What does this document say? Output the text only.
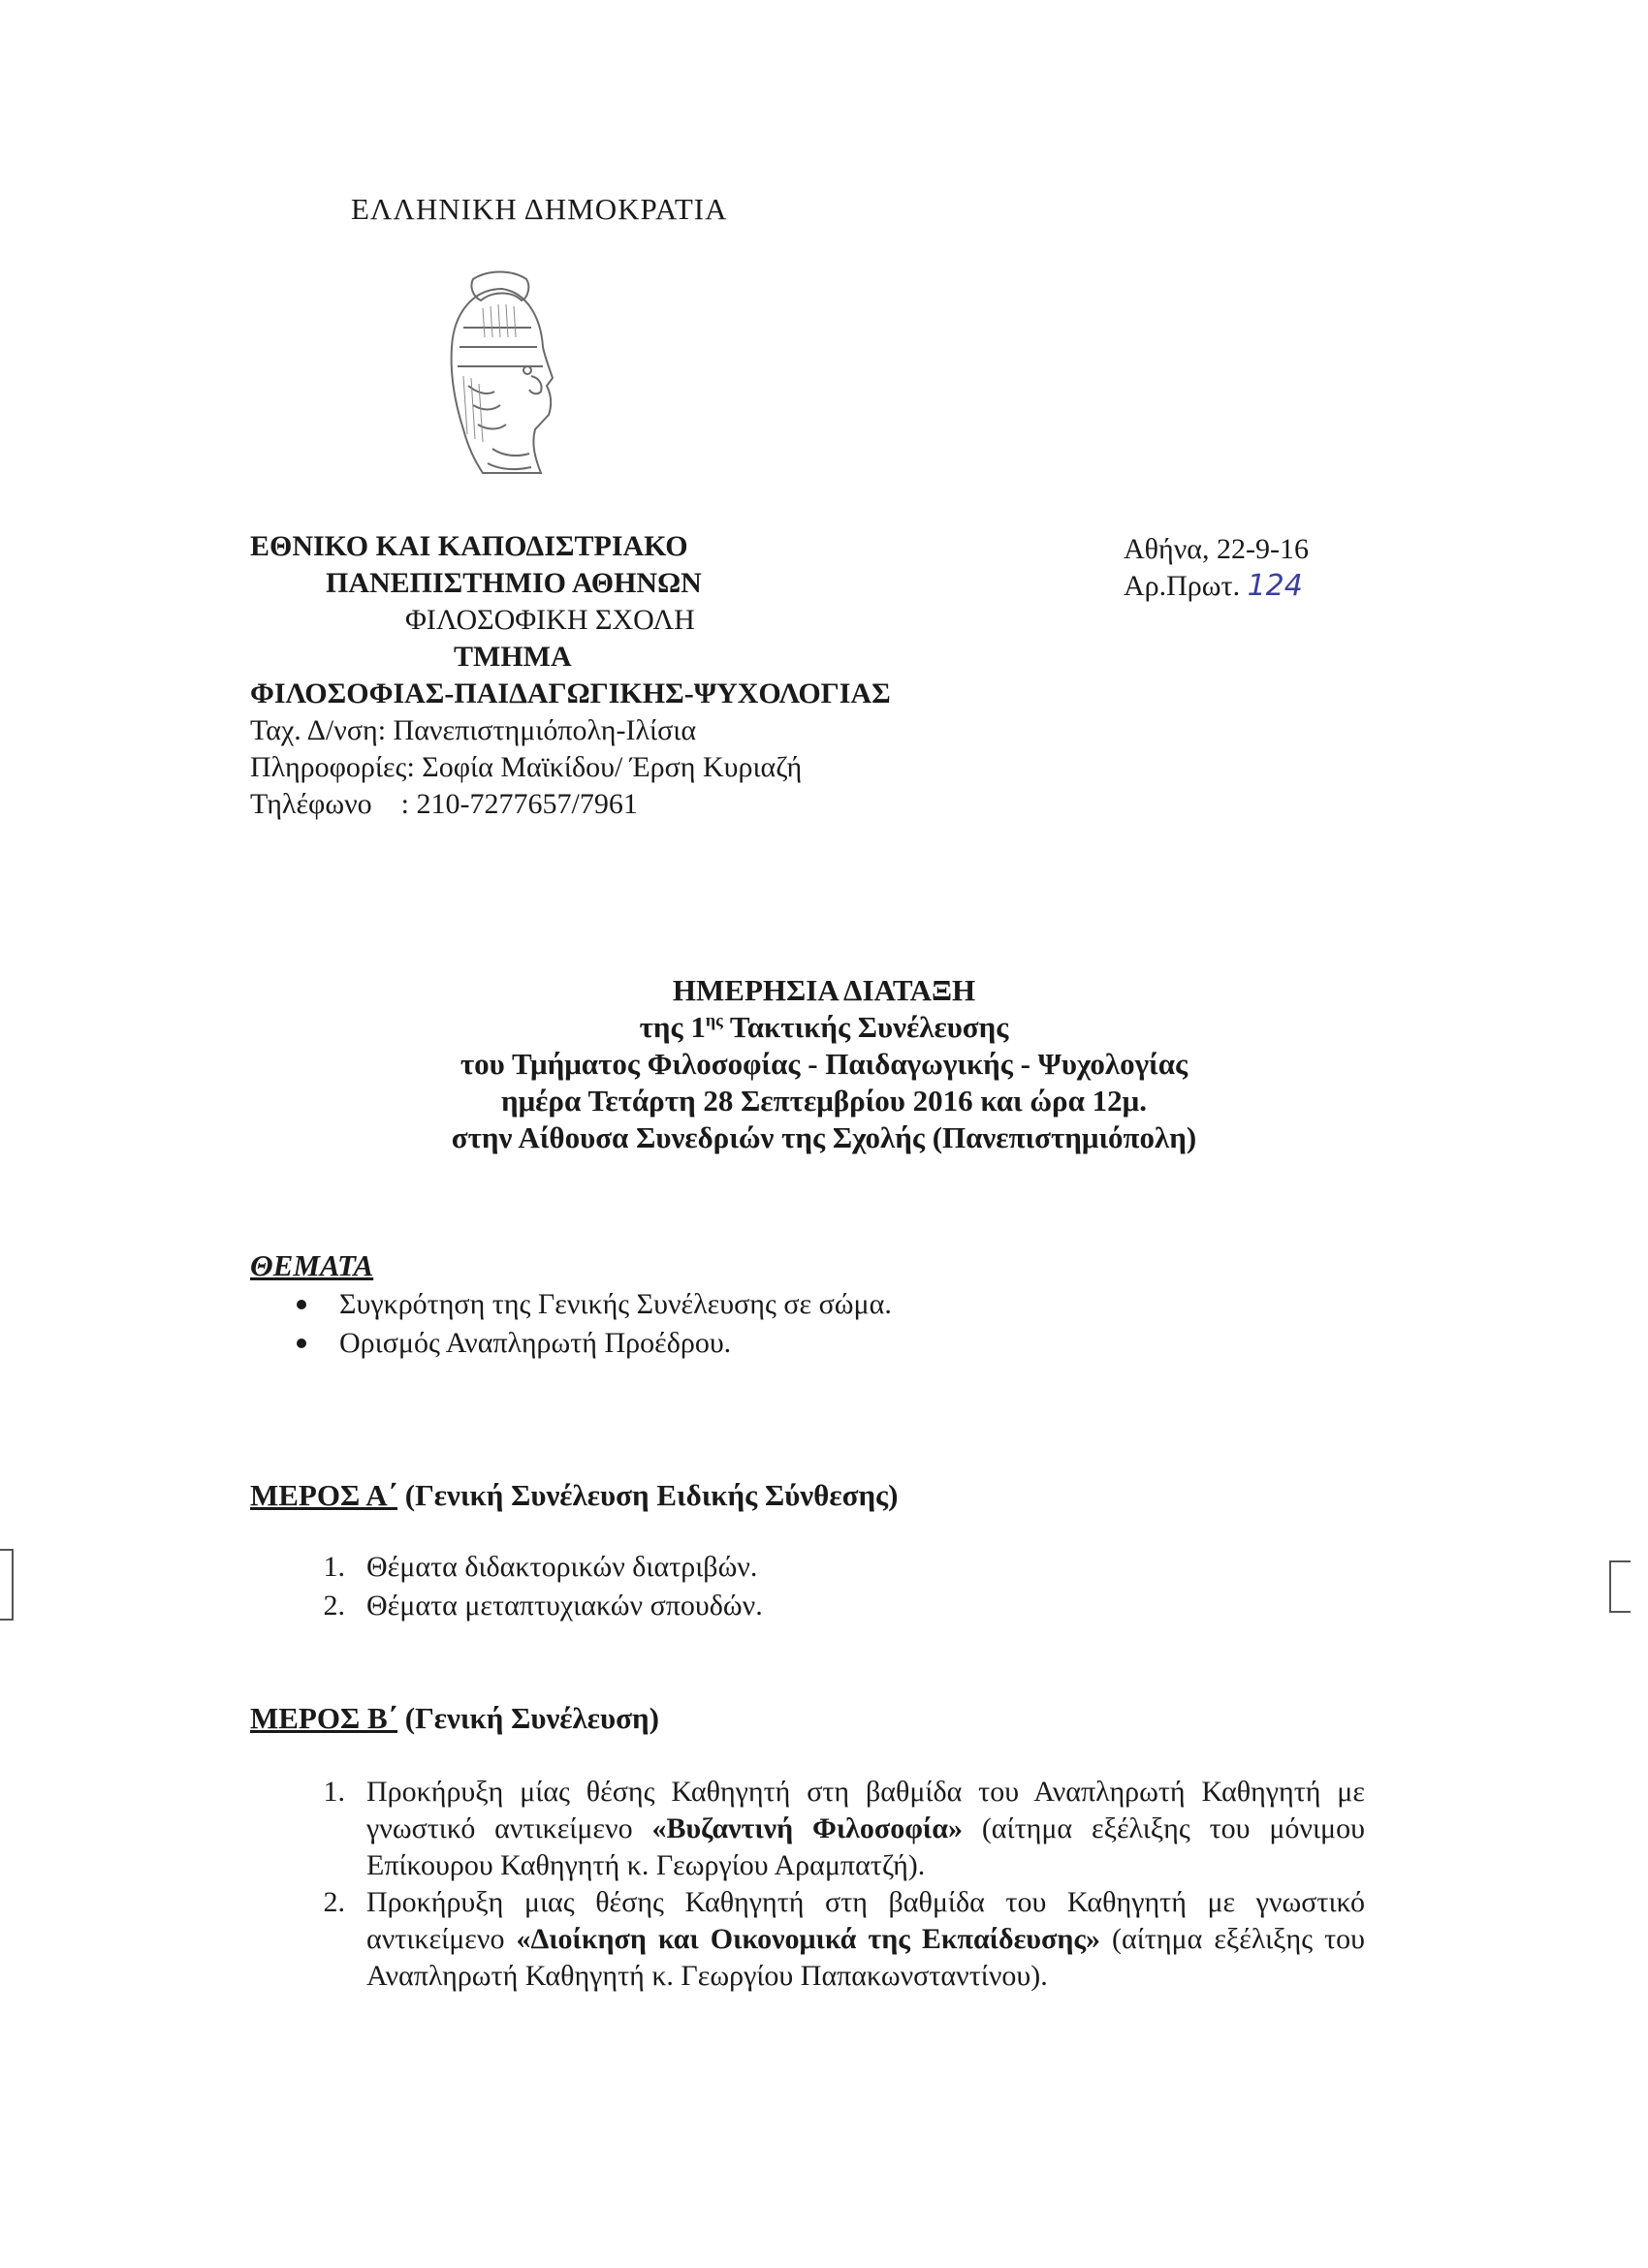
ΕΛΛΗΝΙΚΗ ΔΗΜΟΚΡΑΤΙΑ
ΕΘΝΙΚΟ ΚΑΙ ΚΑΠΟΔΙΣΤΡΙΑΚΟ
ΠΑΝΕΠΙΣΤΗΜΙΟ ΑΘΗΝΩΝ
ΦΙΛΟΣΟΦΙΚΗ ΣΧΟΛΗ
ΤΜΗΜΑ
ΦΙΛΟΣΟΦΙΑΣ-ΠΑΙΔΑΓΩΓΙΚΗΣ-ΨΥΧΟΛΟΓΙΑΣ
Ταχ. Δ/νση: Πανεπιστημιόπολη-Ιλίσια
Πληροφορίες: Σοφία Μαϊκίδου/ Έρση Κυριαζή
Τηλέφωνο    : 210-7277657/7961
Αθήνα, 22-9-16
Αρ.Πρωτ. 124
ΗΜΕΡΗΣΙΑ ΔΙΑΤΑΞΗ
της $1^{\eta\varsigma}$ Τακτικής Συνέλευσης
του Τμήματος Φιλοσοφίας - Παιδαγωγικής - Ψυχολογίας
ημέρα Τετάρτη 28 Σεπτεμβρίου 2016 και ώρα 12μ.
στην Αίθουσα Συνεδριών της Σχολής (Πανεπιστημιόπολη)
ΘΕΜΑΤΑ
Συγκρότηση της Γενικής Συνέλευσης σε σώμα.
Ορισμός Αναπληρωτή Προέδρου.
ΜΕΡΟΣ Α΄ (Γενική Συνέλευση Ειδικής Σύνθεσης)
1. Θέματα διδακτορικών διατριβών.
2. Θέματα μεταπτυχιακών σπουδών.
ΜΕΡΟΣ Β΄ (Γενική Συνέλευση)
1. Προκήρυξη μίας θέσης Καθηγητή στη βαθμίδα του Αναπληρωτή Καθηγητή με γνωστικό αντικείμενο «Βυζαντινή Φιλοσοφία» (αίτημα εξέλιξης του μόνιμου Επίκουρου Καθηγητή κ. Γεωργίου Αραμπατζή).
2. Προκήρυξη μιας θέσης Καθηγητή στη βαθμίδα του Καθηγητή με γνωστικό αντικείμενο «Διοίκηση και Οικονομικά της Εκπαίδευσης» (αίτημα εξέλιξης του Αναπληρωτή Καθηγητή κ. Γεωργίου Παπακωνσταντίνου).
